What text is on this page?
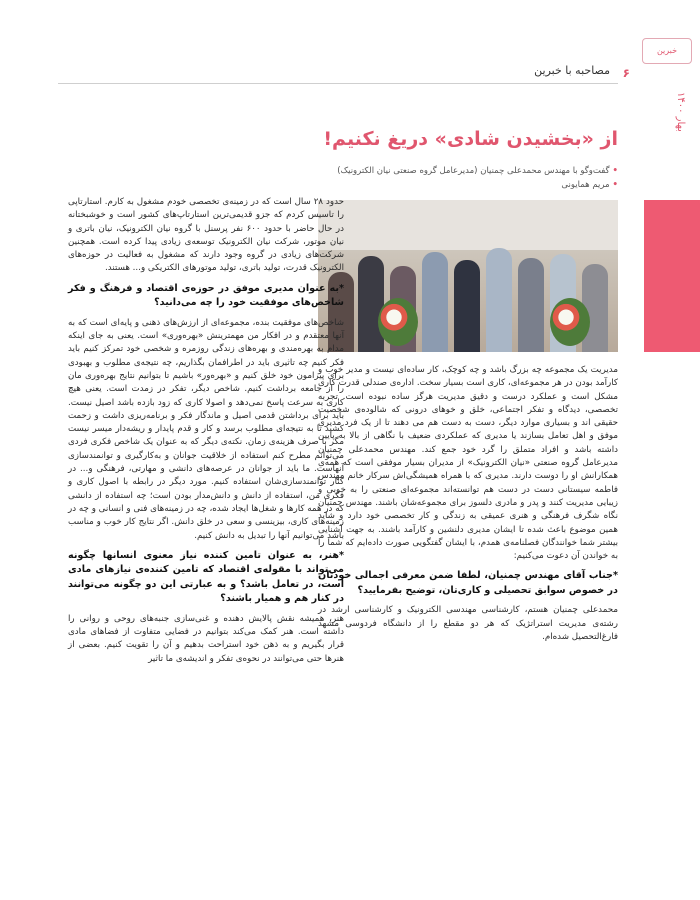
خبرین
۶
مصاحبه با خبرین
بهار ۱۴۰۰
از «بخشیدن شادی» دریغ نکنیم!
• گفت‌وگو با مهندس محمدعلی چمنیان (مدیرعامل گروه صنعتی نیان الکترونیک)
• مریم همایونی

مدیریت یک مجموعه چه بزرگ باشد و چه کوچک، کار ساده‌ای نیست و مدیر خوب و کارآمد بودن در هر مجموعه‌ای، کاری است بسیار سخت. اداره‌ی صندلی قدرت کاری مشکل است و عملکرد درست و دقیق مدیریت هرگز ساده نبوده است. تجربه تخصصی، دیدگاه و تفکر اجتماعی، خلق و خوهای درونی که شالوده‌ی شخصیت حقیقی اند و بسیاری موارد دیگر، دست به دست هم می دهند تا از یک فرد مدیری موفق و اهل تعامل بسازند یا مدیری که عملکردی ضعیف با نگاهی از بالا به پایین داشته باشد و افراد متملق را گرد خود جمع کند. مهندس محمدعلی چمنیان مدیرعامل گروه صنعتی «نیان الکترونیک» از مدیران بسیار موفقی است که همه‌ی همکارانش او را دوست دارند. مدیری که با همراه همیشگی‌اش سرکار خانم مهندس فاطمه سیستانی دست در دست هم توانسته‌اند مجموعه‌ای صنعتی را به خوبی و زیبایی مدیریت کنند و پدر و مادری دلسوز برای مجموعه‌شان باشند. مهندس چمنیان نگاه شگرف فرهنگی و هنری عمیقی به زندگی و کار تخصصی خود دارد و شاید همین موضوع باعث شده تا ایشان مدیری دلنشین و کارآمد باشند. به جهت آشنایی بیشتر شما خوانندگان فصلنامه‌ی همدم، با ایشان گفتگویی صورت داده‌ایم که شما را به خواندن آن دعوت می‌کنیم:

*جناب آقای مهندس چمنیان، لطفا ضمن معرفی اجمالی خودتان در خصوص سوابق تحصیلی و کاری‌تان، توضیح بفرمایید؟

محمدعلی چمنیان هستم، کارشناسی مهندسی الکترونیک و کارشناسی ارشد در رشته‌ی مدیریت استراتژیک که هر دو مقطع را از دانشگاه فردوسی مشهد فارغ‌التحصیل شده‌ام.

حدود ۲۸ سال است که در زمینه‌ی تخصصی خودم مشغول به کارم. استارتاپی را تاسیس کردم که جزو قدیمی‌ترین استارتاپ‌های کشور است و خوشبختانه در حال حاضر با حدود ۶۰۰ نفر پرسنل با گروه نیان الکترونیک، نیان باتری و نیان موتور، شرکت نیان الکترونیک توسعه‌ی زیادی پیدا کرده است. همچنین شرکت‌های زیادی در گروه وجود دارند که مشغول به فعالیت در حوزه‌های الکترونیک قدرت، تولید باتری، تولید موتورهای الکتریکی و... هستند.

*به عنوان مدیری موفق در حوزه‌ی اقتصاد و فرهنگ و فکر شاخص‌های موفقیت خود را چه می‌دانید؟

شاخص‌های موفقیت بنده، مجموعه‌ای از ارزش‌های ذهنی و پایه‌ای است که به آنها معتقدم و در افکار من مهمترینش «بهره‌وری» است. یعنی به جای اینکه مدام به بهره‌مندی و بهره‌های زندگی روزمره و شخصی خود تمرکز کنیم باید فکر کنیم چه تاثیری باید در اطرافمان بگذاریم، چه نتیجه‌ی مطلوب و بهبودی برای پیرامون خود خلق کنیم و «بهره‌ور» باشیم تا بتوانیم نتایج بهره‌وری مان را از جامعه برداشت کنیم. شاخص دیگر، تفکر در زمدت است. یعنی هیچ کاری به سرعت پاسخ نمی‌دهد و اصولا کاری که زود بازده باشد اصیل نیست. باید برای برداشتن قدمی اصیل و ماندگار فکر و برنامه‌ریزی داشت و زحمت کشید تا به نتیجه‌ای مطلوب برسد و کار و قدم پایدار و ریشه‌دار میسر نیست مگر با صرف هزینه‌ی زمان. نکته‌ی دیگر که به عنوان یک شاخص فکری فردی می‌توانم مطرح کنم استفاده از خلاقیت جوانان و به‌کارگیری و توانمندسازی آنهاست. ما باید از جوانان در عرصه‌های دانشی و مهارتی، فرهنگی و... در کنار توانمندسازی‌شان استفاده کنیم. مورد دیگر در رابطه با اصول کاری و فکری من، استفاده از دانش و دانش‌مدار بودن است؛ چه استفاده از دانشی که در همه کارها و شغل‌ها ایجاد شده، چه در زمینه‌های فنی و انسانی و چه در زمینه‌های کاری، بیزینسی و سعی در خلق دانش. اگر نتایج کار خوب و مناسب باشد می‌توانیم آنها را تبدیل به دانش کنیم.

*هنر، به عنوان تامین کننده نیاز معنوی انسانها چگونه می‌تواند با مقوله‌ی اقتصاد که تامین کننده‌ی نیازهای مادی است، در تعامل باشد؟ و به عبارتی این دو چگونه می‌توانند در کنار هم و همیار باشند؟

هنر، همیشه نقش پالایش دهنده و غنی‌سازی جنبه‌های روحی و روانی را داشته است. هنر کمک می‌کند بتوانیم در فضایی متفاوت از فضاهای مادی قرار بگیریم و به ذهن خود استراحت بدهیم و آن را تقویت کنیم. بعضی از هنرها حتی می‌توانند در نحوه‌ی تفکر و اندیشه‌ی ما تاثیر
